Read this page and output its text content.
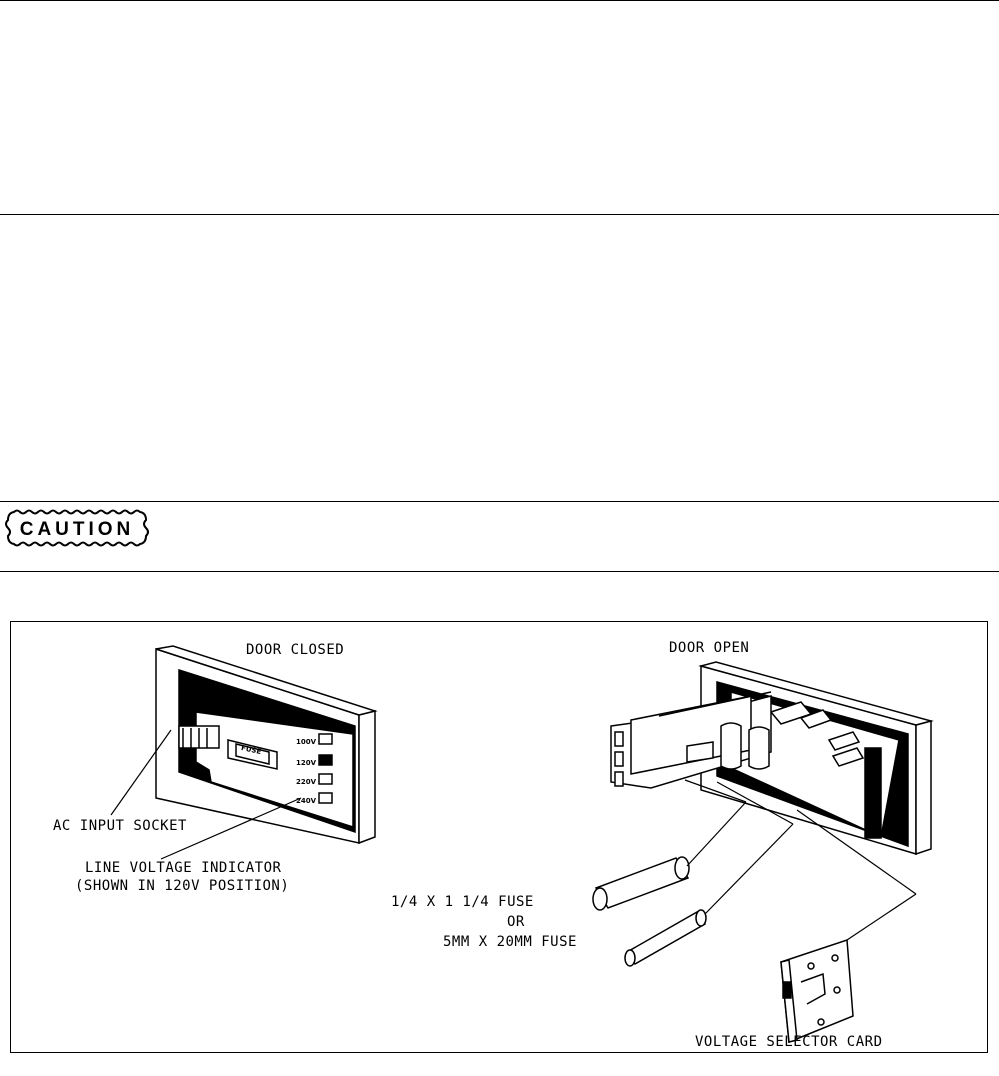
CAUTION
FUSE
100V
120V
220V
240V
DOOR CLOSED	DOOR OPEN
AC INPUT SOCKET
LINE VOLTAGE INDICATOR
(SHOWN IN 120V POSITION)
1/4 X 1 1/4 FUSE
OR
5MM X 20MM FUSE
VOLTAGE SELECTOR CARD
